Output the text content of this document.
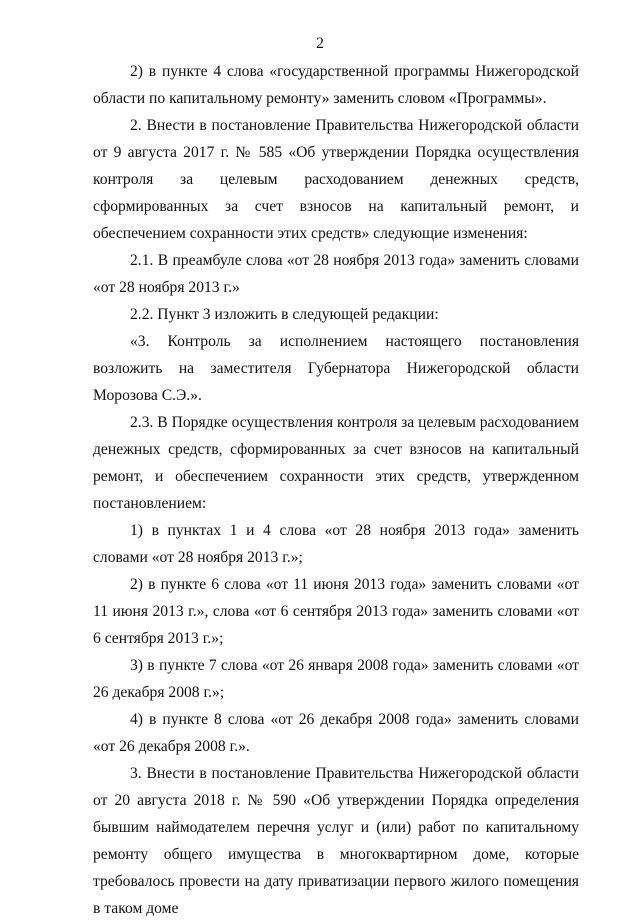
2

2) в пункте 4 слова «государственной программы Нижегородской области по капитальному ремонту» заменить словом «Программы».

2. Внести в постановление Правительства Нижегородской области от 9 августа 2017 г. № 585 «Об утверждении Порядка осуществления контроля за целевым расходованием денежных средств, сформированных за счет взносов на капитальный ремонт, и обеспечением сохранности этих средств» следующие изменения:

2.1. В преамбуле слова «от 28 ноября 2013 года» заменить словами «от 28 ноября 2013 г.»

2.2. Пункт 3 изложить в следующей редакции:

«3. Контроль за исполнением настоящего постановления возложить на заместителя Губернатора Нижегородской области Морозова С.Э.».

2.3. В Порядке осуществления контроля за целевым расходованием денежных средств, сформированных за счет взносов на капитальный ремонт, и обеспечением сохранности этих средств, утвержденном постановлением:

1) в пунктах 1 и 4 слова «от 28 ноября 2013 года» заменить словами «от 28 ноября 2013 г.»;

2) в пункте 6 слова «от 11 июня 2013 года» заменить словами «от 11 июня 2013 г.», слова «от 6 сентября 2013 года» заменить словами «от 6 сентября 2013 г.»;

3) в пункте 7 слова «от 26 января 2008 года» заменить словами «от 26 декабря 2008 г.»;

4) в пункте 8 слова «от 26 декабря 2008 года» заменить словами «от 26 декабря 2008 г.».

3. Внести в постановление Правительства Нижегородской области от 20 августа 2018 г. № 590 «Об утверждении Порядка определения бывшим наймодателем перечня услуг и (или) работ по капитальному ремонту общего имущества в многоквартирном доме, которые требовалось провести на дату приватизации первого жилого помещения в таком доме
